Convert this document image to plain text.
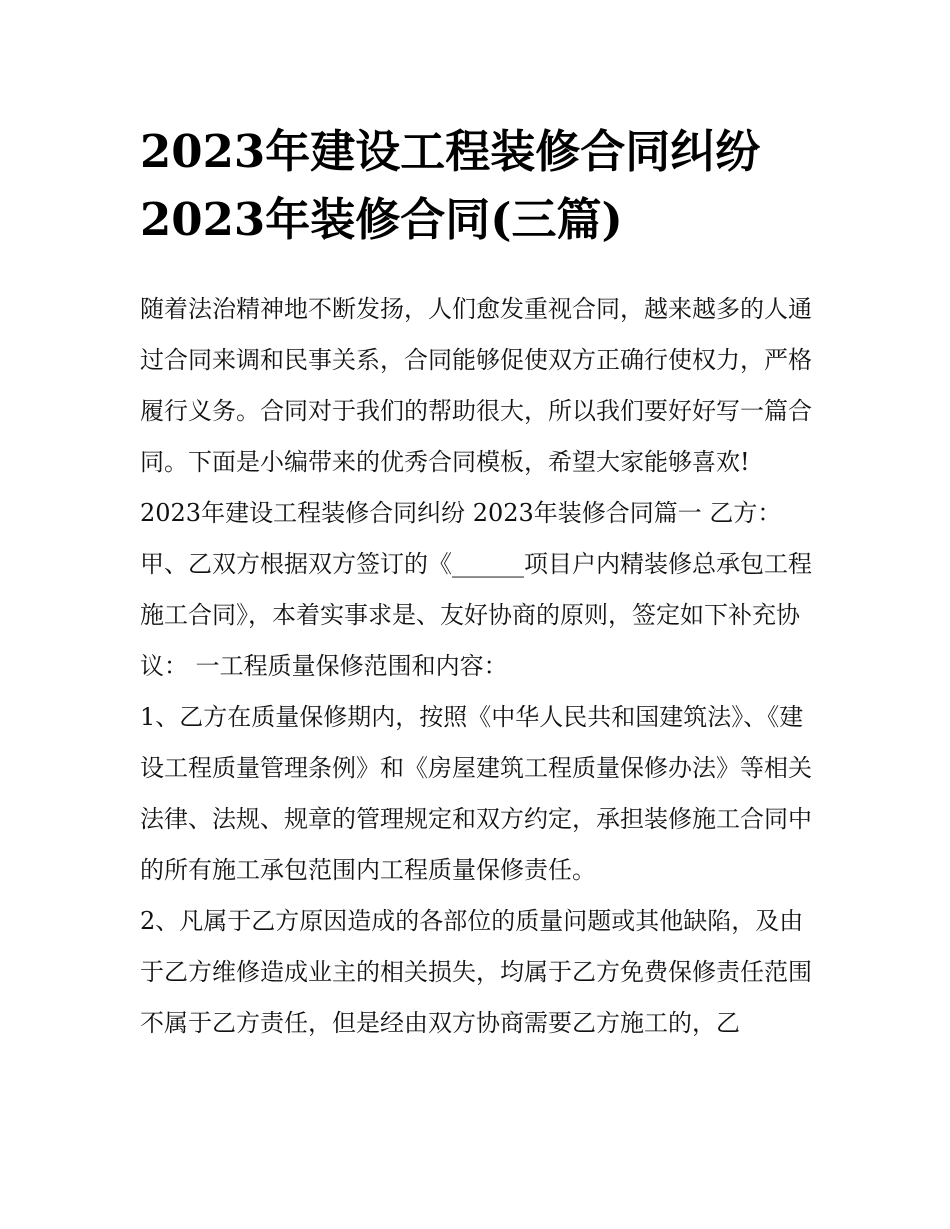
2023年建设工程装修合同纠纷
2023年装修合同(三篇)

随着法治精神地不断发扬，人们愈发重视合同，越来越多的人通过合同来调和民事关系，合同能够促使双方正确行使权力，严格履行义务。合同对于我们的帮助很大，所以我们要好好写一篇合同。下面是小编带来的优秀合同模板，希望大家能够喜欢!

2023年建设工程装修合同纠纷 2023年装修合同篇一 乙方：

甲、乙双方根据双方签订的《______项目户内精装修总承包工程施工合同》，本着实事求是、友好协商的原则，签定如下补充协议： 一工程质量保修范围和内容：

1、乙方在质量保修期内，按照《中华人民共和国建筑法》、《建设工程质量管理条例》和《房屋建筑工程质量保修办法》等相关法律、法规、规章的管理规定和双方约定，承担装修施工合同中的所有施工承包范围内工程质量保修责任。

2、凡属于乙方原因造成的各部位的质量问题或其他缺陷，及由于乙方维修造成业主的相关损失，均属于乙方免费保修责任范围不属于乙方责任，但是经由双方协商需要乙方施工的，乙
